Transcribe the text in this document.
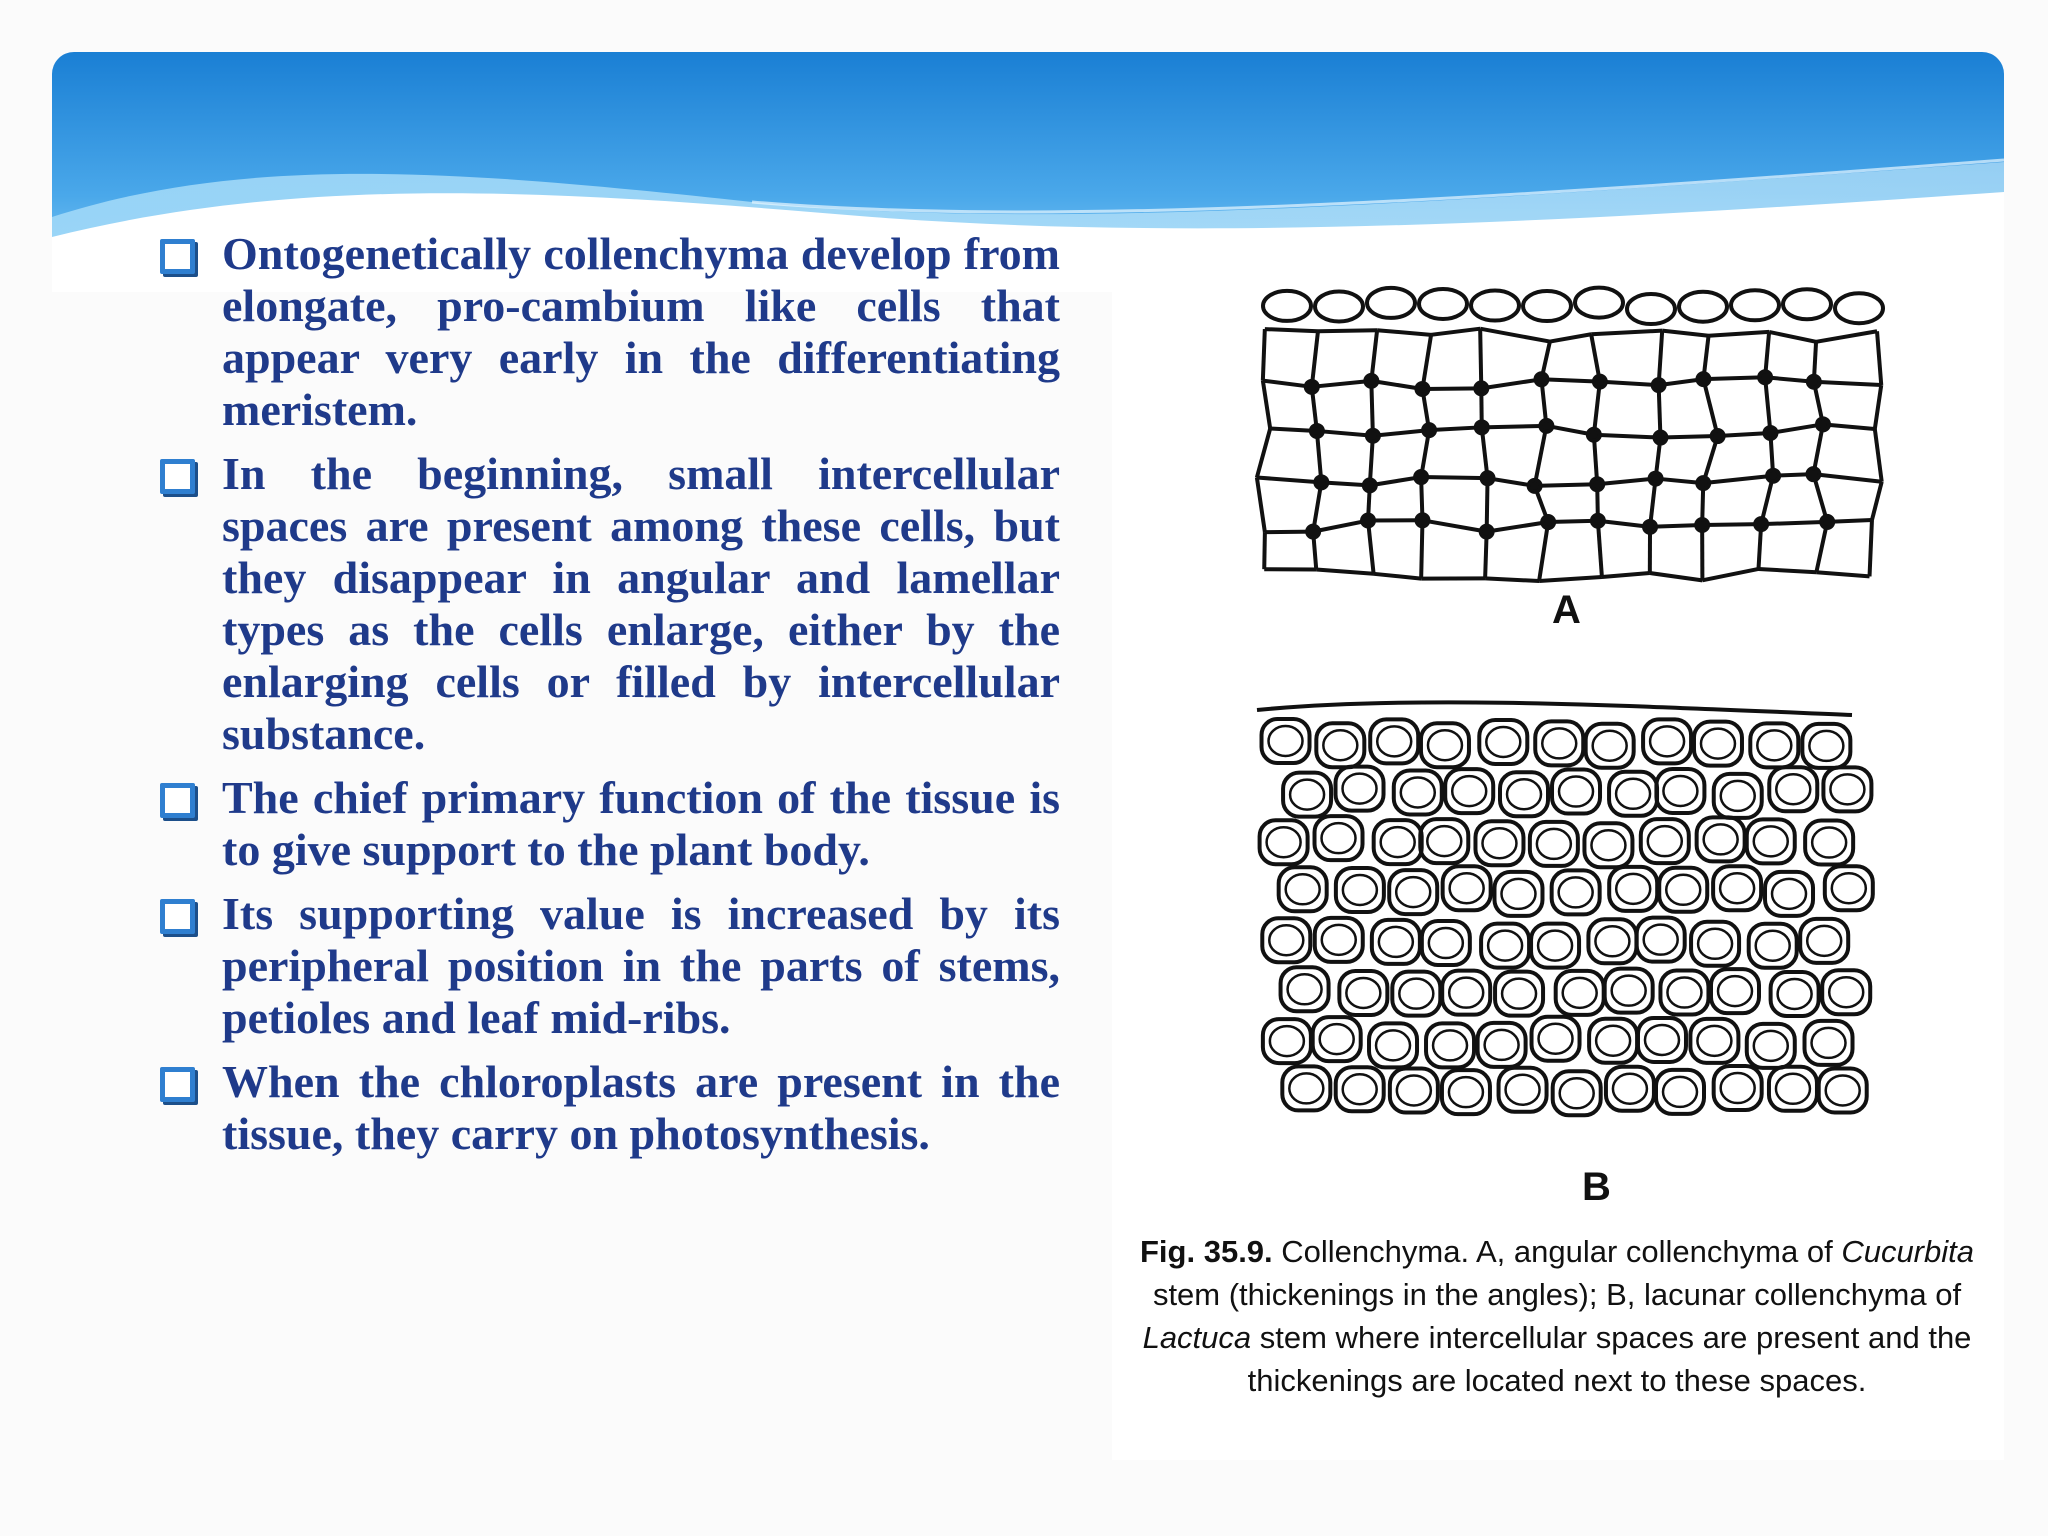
Ontogenetically collenchyma develop from elongate, pro-cambium like cells that appear very early in the differentiating meristem.
In the beginning, small intercellular spaces are present among these cells, but they disappear in angular and lamellar types as the cells enlarge, either by the enlarging cells or filled by intercellular substance.
The chief primary function of the tissue is to give support to the plant body.
Its supporting value is increased by its peripheral position in the parts of stems, petioles and leaf mid-ribs.
When the chloroplasts are present in the tissue, they carry on photosynthesis.
A
B
Fig. 35.9. Collenchyma. A, angular collenchyma of Cucurbita stem (thickenings in the angles); B, lacunar collenchyma of Lactuca stem where intercellular spaces are present and the thickenings are located next to these spaces.
